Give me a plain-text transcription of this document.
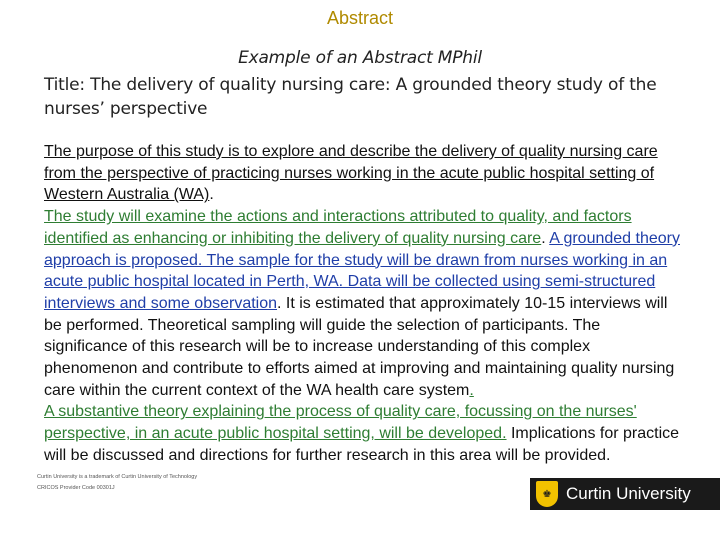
Abstract
Example of an Abstract MPhil
Title: The delivery of quality nursing care: A grounded theory study of the nurses’ perspective

The purpose of this study is to explore and describe the delivery of quality nursing care from the perspective of practicing nurses working in the acute public hospital setting of Western Australia (WA).

The study will examine the actions and interactions attributed to quality, and factors identified as enhancing or inhibiting the delivery of quality nursing care. A grounded theory approach is proposed. The sample for the study will be drawn from nurses working in an acute public hospital located in Perth, WA. Data will be collected using semi-structured interviews and some observation. It is estimated that approximately 10-15 interviews will be performed. Theoretical sampling will guide the selection of participants. The significance of this research will be to increase understanding of this complex phenomenon and contribute to efforts aimed at improving and maintaining quality nursing care within the current context of the WA health care system.

A substantive theory explaining the process of quality care, focussing on the nurses' perspective, in an acute public hospital setting, will be developed. Implications for practice will be discussed and directions for further research in this area will be provided.

Curtin University is a trademark of Curtin University of Technology
CRICOS Provider Code 00301J
♚ Curtin University
